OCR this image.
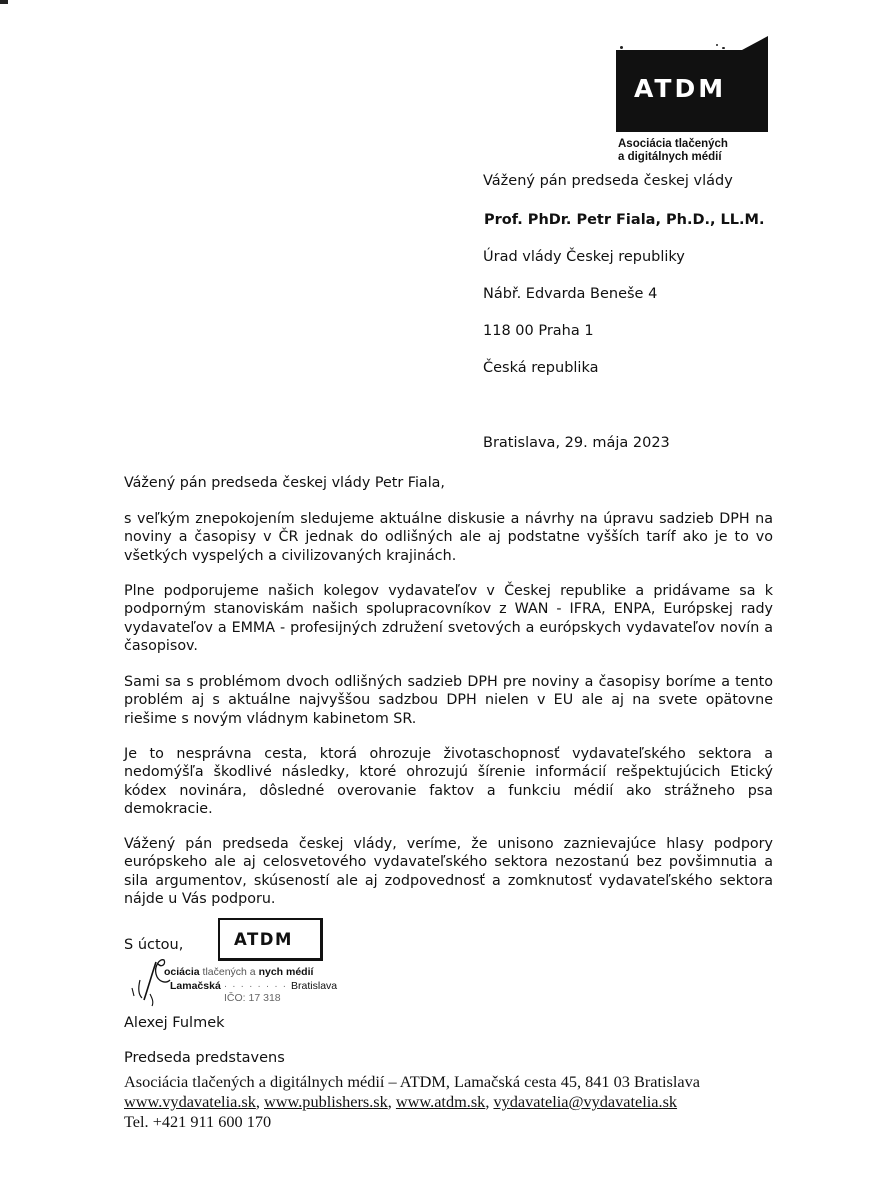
ATDM
Asociácia tlačených
a digitálnych médií
Vážený pán predseda českej vlády
Prof. PhDr. Petr Fiala, Ph.D., LL.M.
Úrad vlády Českej republiky
Nábř. Edvarda Beneše 4
118 00 Praha 1
Česká republika
Bratislava, 29. mája 2023
Vážený pán predseda českej vlády Petr Fiala,
s veľkým znepokojením sledujeme aktuálne diskusie a návrhy na úpravu sadzieb DPH na noviny a časopisy v ČR jednak do odlišných ale aj podstatne vyšších taríf ako je to vo všetkých vyspelých a civilizovaných krajinách.
Plne podporujeme našich kolegov vydavateľov v Českej republike a pridávame sa k podporným stanoviskám našich spolupracovníkov z WAN - IFRA, ENPA, Európskej rady vydavateľov a EMMA - profesijných združení svetových a európskych vydavateľov novín a časopisov.
Sami sa s problémom dvoch odlišných sadzieb DPH pre noviny a časopisy boríme a tento problém aj s aktuálne najvyššou sadzbou DPH nielen v EU ale aj na svete opätovne riešime s novým vládnym kabinetom SR.
Je to nesprávna cesta, ktorá ohrozuje životaschopnosť vydavateľského sektora a nedomýšľa škodlivé následky, ktoré ohrozujú šírenie informácií rešpektujúcich Etický kódex novinára, dôsledné overovanie faktov a funkciu médií ako strážneho psa demokracie.
Vážený pán predseda českej vlády, veríme, že unisono zaznievajúce hlasy podpory európskeho ale aj celosvetového vydavateľského sektora nezostanú bez povšimnutia a sila argumentov, skúseností ale aj zodpovednosť a zomknutosť vydavateľského sektora nájde u Vás podporu.
S úctou,	ATDM
ociácia tlačených a nych médií
Lamačská · · · · · · · · Bratislava
IČO: 17 318
Alexej Fulmek
Predseda predstavens
Asociácia tlačených a digitálnych médií – ATDM, Lamačská cesta 45, 841 03 Bratislava
www.vydavatelia.sk, www.publishers.sk, www.atdm.sk, vydavatelia@vydavatelia.sk
Tel. +421 911 600 170
